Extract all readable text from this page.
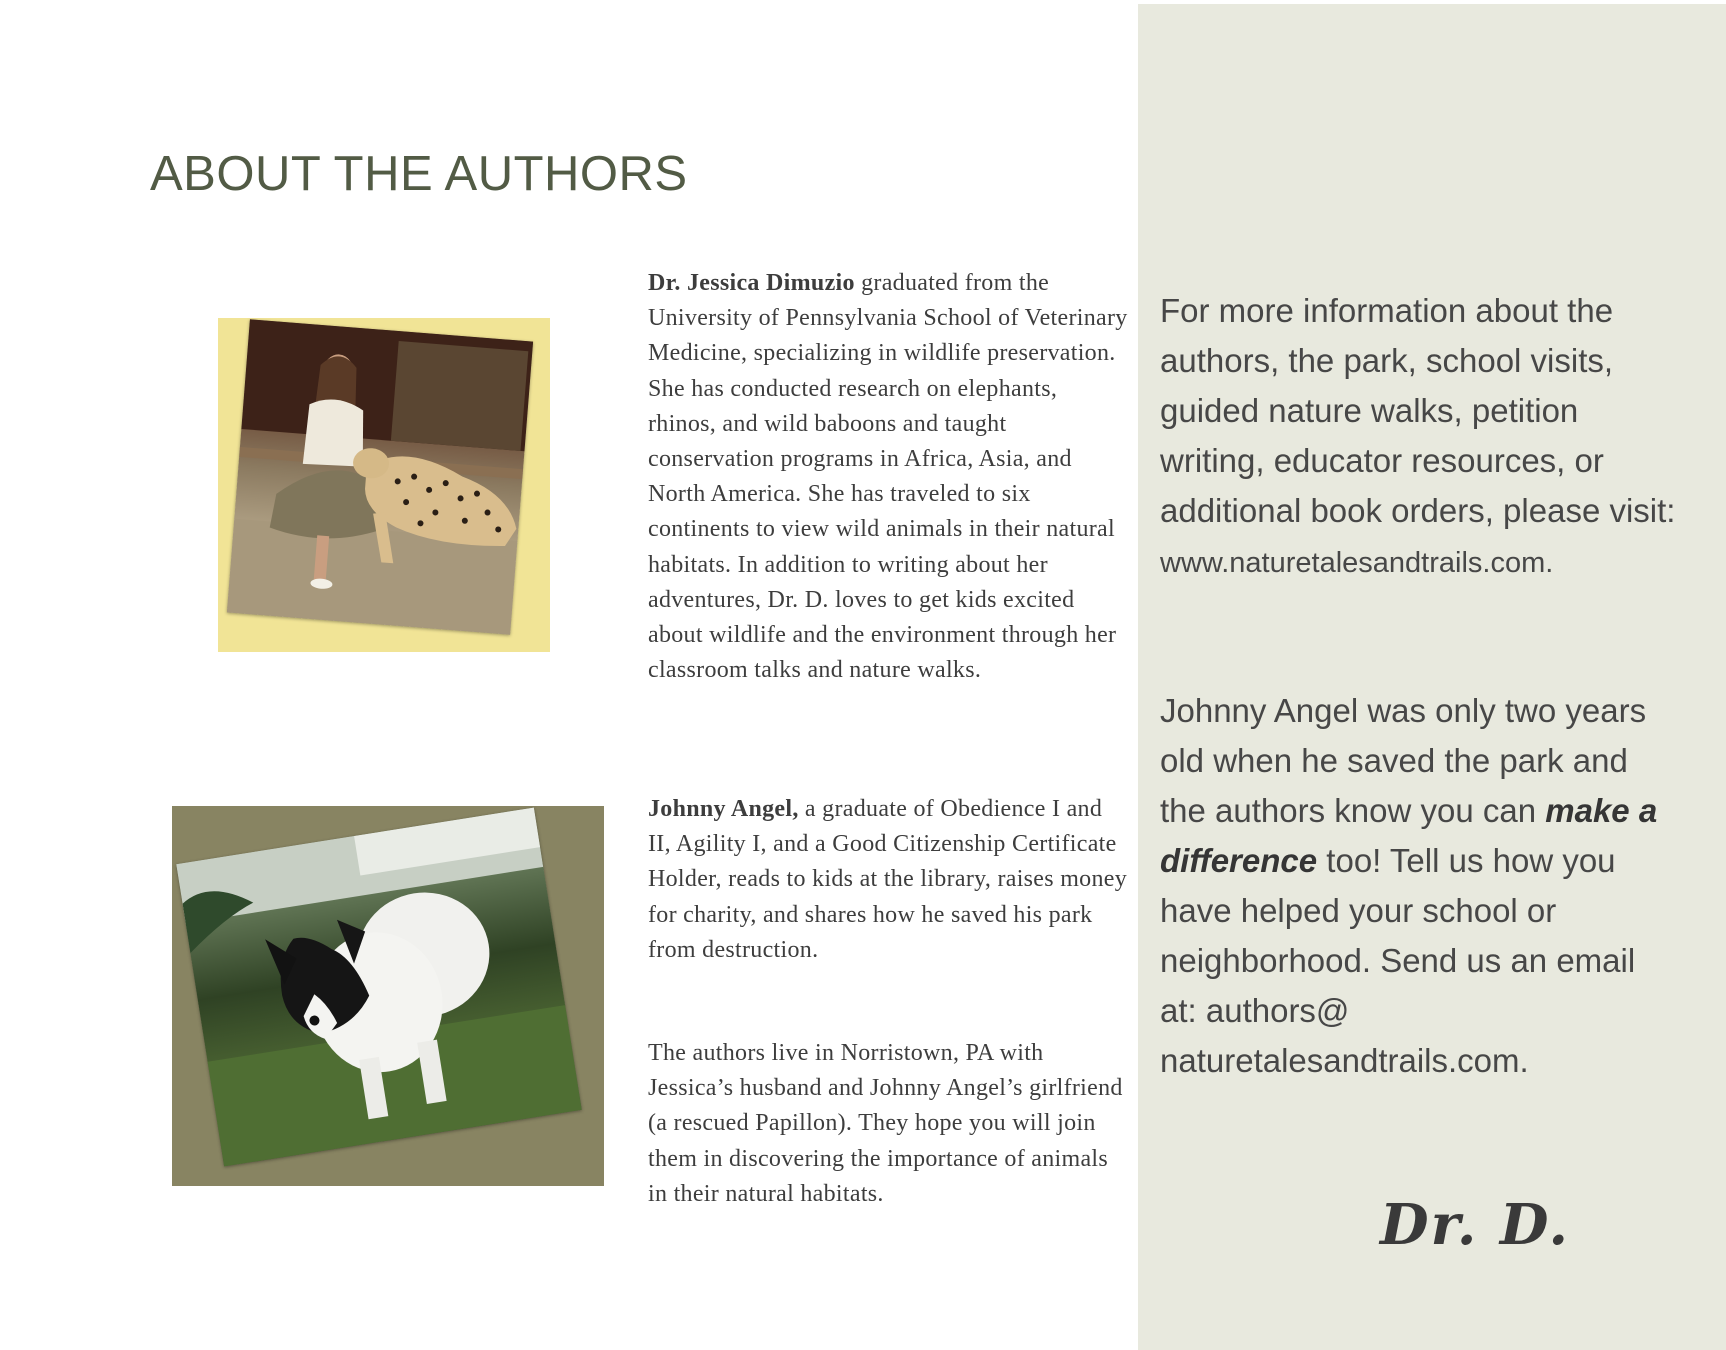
ABOUT THE AUTHORS

Dr. Jessica Dimuzio graduated from the University of Pennsylvania School of Veterinary Medicine, specializing in wildlife preservation. She has conducted research on elephants, rhinos, and wild baboons and taught conservation programs in Africa, Asia, and North America. She has traveled to six continents to view wild animals in their natural habitats. In addition to writing about her adventures, Dr. D. loves to get kids excited about wildlife and the environment through her classroom talks and nature walks.

Johnny Angel, a graduate of Obedience I and II, Agility I, and a Good Citizenship Certificate Holder, reads to kids at the library, raises money for charity, and shares how he saved his park from destruction.

The authors live in Norristown, PA with Jessica’s husband and Johnny Angel’s girlfriend (a rescued Papillon). They hope you will join them in discovering the importance of animals in their natural habitats.

For more information about the authors, the park, school visits, guided nature walks, petition writing, educator resources, or additional book orders, please visit: www.naturetalesandtrails.com.

Johnny Angel was only two years old when he saved the park and the authors know you can make a difference too! Tell us how you have helped your school or neighborhood. Send us an email at: authors@ naturetalesandtrails.com.

Dr. D.
